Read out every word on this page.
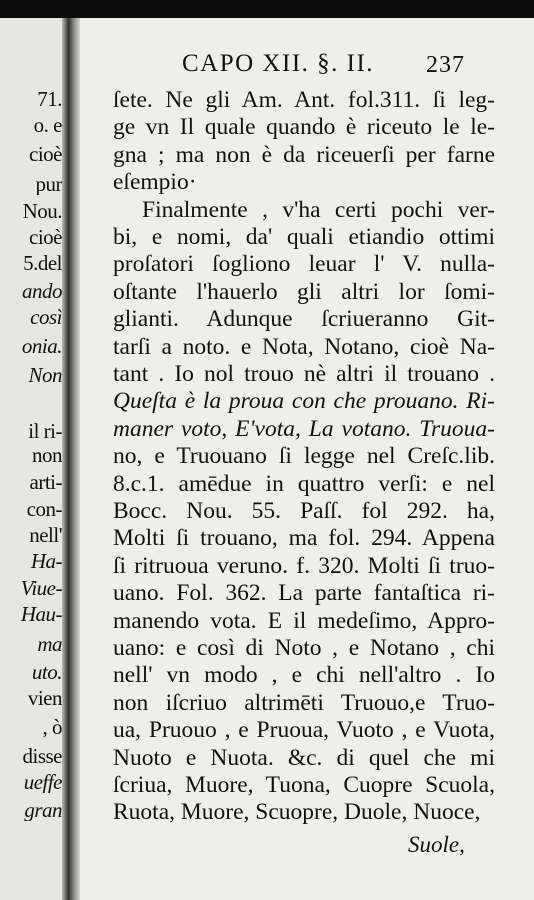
71.
o. e
cioè
pur
Nou.
cioè
5.del
ando
così
onia.
Non
il ri-
non
arti-
con-
nell'
Ha-
Viue-
Hau-
ma
uto.
vien
, ò
disse
ueffe
gran
CAPO XII. §. II. 237
ſete. Ne gli Am. Ant. fol.311. ſi leg-
ge vn Il quale quando è riceuto le le-
gna ; ma non è da riceuerſi per farne
eſempio·
Finalmente , v'ha certi pochi ver-
bi, e nomi, da' quali etiandio ottimi
proſatori ſogliono leuar l' V. nulla-
oſtante l'hauerlo gli altri lor ſomi-
glianti. Adunque ſcriueranno Git-
tarſi a noto. e Nota, Notano, cioè Na-
tant . Io nol trouo nè altri il trouano .
Queſta è la proua con che prouano. Ri-
maner voto, E'vota, La votano. Truoua-
no, e Truouano ſi legge nel Creſc.lib.
8.c.1. amēdue in quattro verſi: e nel
Bocc. Nou. 55. Paſſ. fol 292. ha,
Molti ſi trouano, ma fol. 294. Appena
ſi ritruoua veruno. f. 320. Molti ſi truo-
uano. Fol. 362. La parte fantaſtica ri-
manendo vota. E il medeſimo, Appro-
uano: e così di Noto , e Notano , chi
nell' vn modo , e chi nell'altro . Io
non iſcriuo altrimēti Truouo,e Truo-
ua, Pruouo , e Pruoua, Vuoto , e Vuota,
Nuoto e Nuota. &c. di quel che mi
ſcriua, Muore, Tuona, Cuopre Scuola,
Ruota, Muore, Scuopre, Duole, Nuoce,
Suole,
